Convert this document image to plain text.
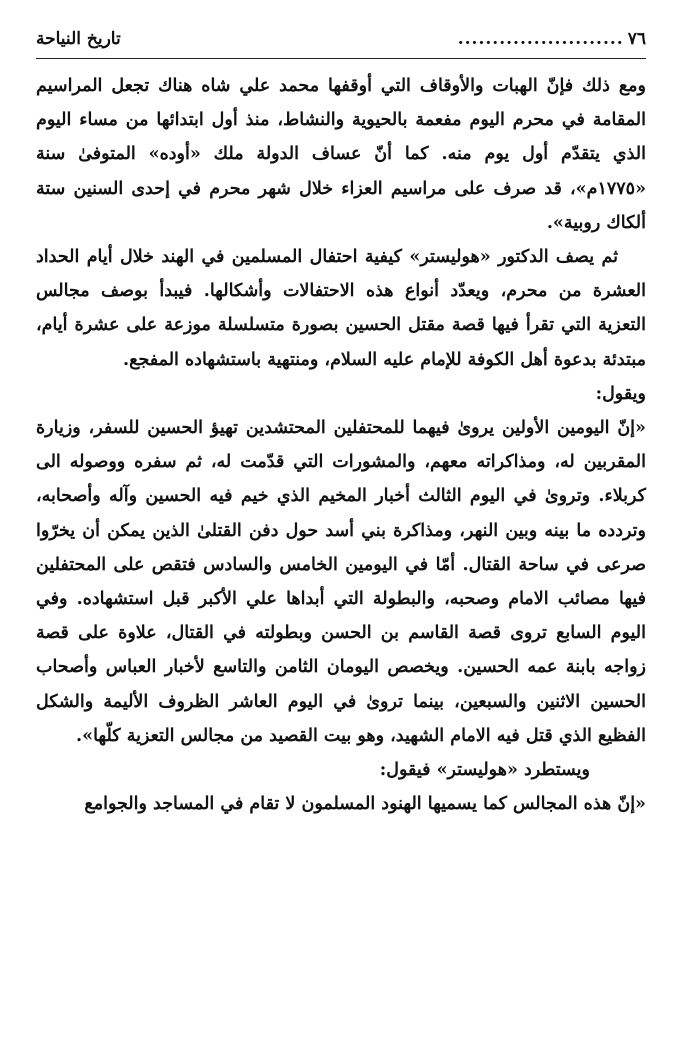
٧٦
........................
تاريخ النياحة

ومع ذلك فإنّ الهبات والأوقاف التي أوقفها محمد علي شاه هناك تجعل المراسيم المقامة في محرم اليوم مفعمة بالحيوية والنشاط، منذ أول ابتدائها من مساء اليوم الذي يتقدّم أول يوم منه. كما أنّ عساف الدولة ملك «أوده» المتوفىٰ سنة «١٧٧٥م»، قد صرف على مراسيم العزاء خلال شهر محرم في إحدى السنين ستة ألكاك روبية».

ثم يصف الدكتور «هوليستر» كيفية احتفال المسلمين في الهند خلال أيام الحداد العشرة من محرم، ويعدّد أنواع هذه الاحتفالات وأشكالها. فيبدأ بوصف مجالس التعزية التي تقرأ فيها قصة مقتل الحسين بصورة متسلسلة موزعة على عشرة أيام، مبتدئة بدعوة أهل الكوفة للإمام عليه السلام، ومنتهية باستشهاده المفجع.

ويقول:

«إنّ اليومين الأولين يروىٰ فيهما للمحتفلين المحتشدين تهيؤ الحسين للسفر، وزيارة المقربين له، ومذاكراته معهم، والمشورات التي قدّمت له، ثم سفره ووصوله الى كربلاء. وتروىٰ في اليوم الثالث أخبار المخيم الذي خيم فيه الحسين وآله وأصحابه، وتردده ما بينه وبين النهر، ومذاكرة بني أسد حول دفن القتلىٰ الذين يمكن أن يخرّوا صرعى في ساحة القتال. أمّا في اليومين الخامس والسادس فتقص على المحتفلين فيها مصائب الامام وصحبه، والبطولة التي أبداها علي الأكبر قبل استشهاده. وفي اليوم السابع تروى قصة القاسم بن الحسن وبطولته في القتال، علاوة على قصة زواجه بابنة عمه الحسين. ويخصص اليومان الثامن والتاسع لأخبار العباس وأصحاب الحسين الاثنين والسبعين، بينما تروىٰ في اليوم العاشر الظروف الأليمة والشكل الفظيع الذي قتل فيه الامام الشهيد، وهو بيت القصيد من مجالس التعزية كلّها».

ويستطرد «هوليستر» فيقول:

«إنّ هذه المجالس كما يسميها الهنود المسلمون لا تقام في المساجد والجوامع
